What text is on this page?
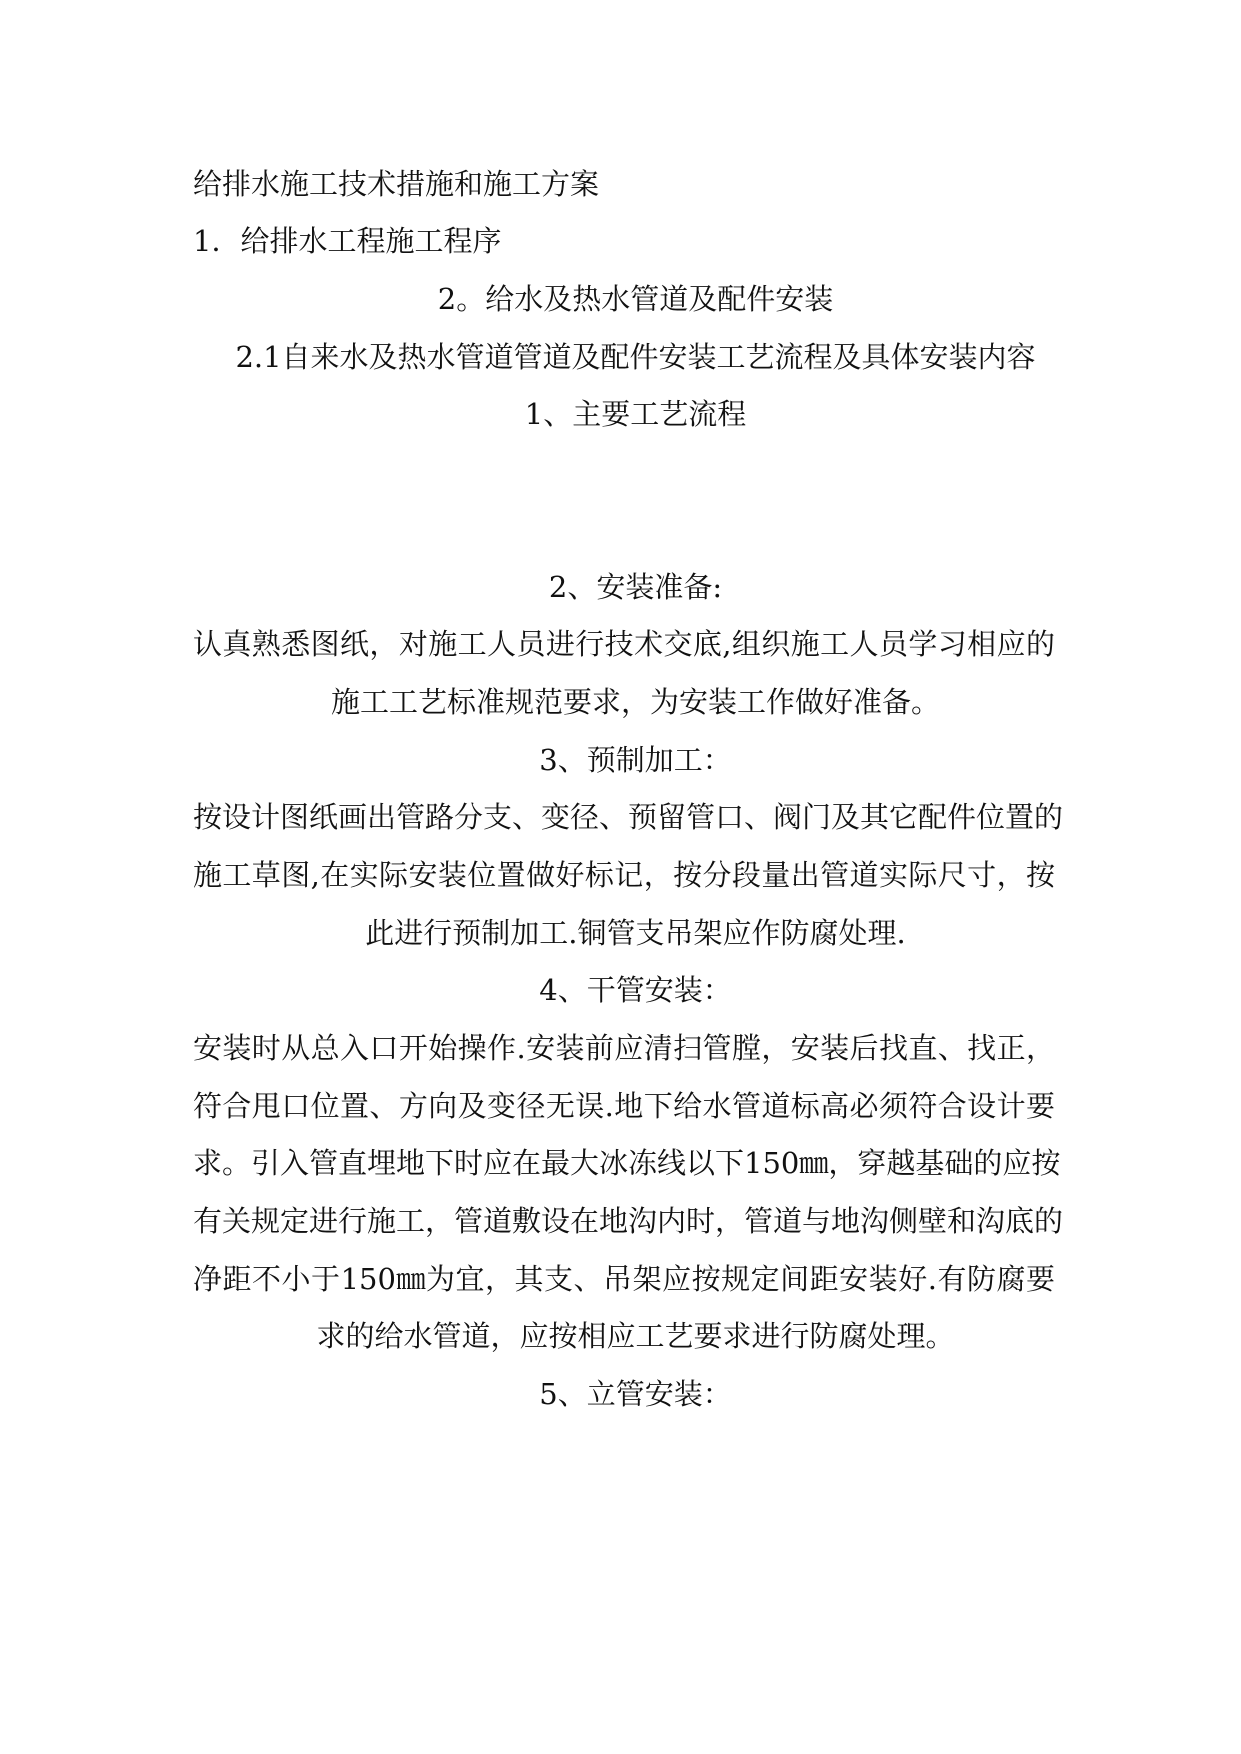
给排水施工技术措施和施工方案
1．给排水工程施工程序
2。给水及热水管道及配件安装
2.1自来水及热水管道管道及配件安装工艺流程及具体安装内容
1、主要工艺流程
2、安装准备:
认真熟悉图纸，对施工人员进行技术交底,组织施工人员学习相应的
施工工艺标准规范要求，为安装工作做好准备。
3、预制加工：
按设计图纸画出管路分支、变径、预留管口、阀门及其它配件位置的
施工草图,在实际安装位置做好标记，按分段量出管道实际尺寸，按
此进行预制加工.铜管支吊架应作防腐处理.
4、干管安装：
安装时从总入口开始操作.安装前应清扫管膛，安装后找直、找正，
符合甩口位置、方向及变径无误.地下给水管道标高必须符合设计要
求。引入管直埋地下时应在最大冰冻线以下150㎜，穿越基础的应按
有关规定进行施工，管道敷设在地沟内时，管道与地沟侧壁和沟底的
净距不小于150㎜为宜，其支、吊架应按规定间距安装好.有防腐要
求的给水管道，应按相应工艺要求进行防腐处理。
5、立管安装：
